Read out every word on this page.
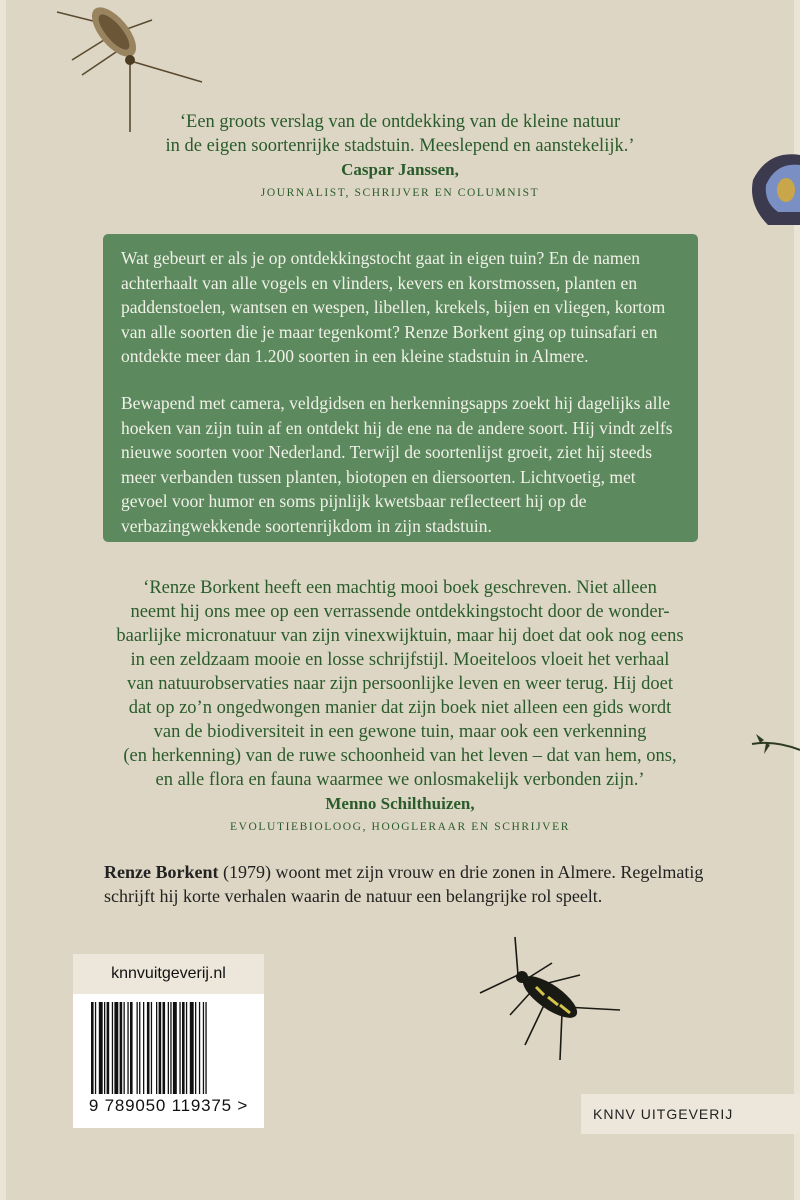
‘Een groots verslag van de ontdekking van de kleine natuur

in de eigen soortenrijke stadstuin. Meeslepend en aanstekelijk.’

Caspar Janssen,

JOURNALIST, SCHRIJVER EN COLUMNIST

Wat gebeurt er als je op ontdekkingstocht gaat in eigen tuin? En de namen achterhaalt van alle vogels en vlinders, kevers en korstmossen, planten en paddenstoelen, wantsen en wespen, libellen, krekels, bijen en vliegen, kortom van alle soorten die je maar tegenkomt? Renze Borkent ging op tuinsafari en ontdekte meer dan 1.200 soorten in een kleine stadstuin in Almere.

Bewapend met camera, veldgidsen en herkenningsapps zoekt hij dagelijks alle hoeken van zijn tuin af en ontdekt hij de ene na de andere soort. Hij vindt zelfs nieuwe soorten voor Nederland. Terwijl de soortenlijst groeit, ziet hij steeds meer verbanden tussen planten, biotopen en diersoorten. Lichtvoetig, met gevoel voor humor en soms pijnlijk kwetsbaar reflecteert hij op de verbazingwekkende soortenrijkdom in zijn stadstuin.

‘Renze Borkent heeft een machtig mooi boek geschreven. Niet alleen

neemt hij ons mee op een verrassende ontdekkingstocht door de wonder-

baarlijke micronatuur van zijn vinexwijktuin, maar hij doet dat ook nog eens

in een zeldzaam mooie en losse schrijfstijl. Moeiteloos vloeit het verhaal

van natuurobservaties naar zijn persoonlijke leven en weer terug. Hij doet

dat op zo’n ongedwongen manier dat zijn boek niet alleen een gids wordt

van de biodiversiteit in een gewone tuin, maar ook een verkenning

(en herkenning) van de ruwe schoonheid van het leven – dat van hem, ons,

en alle flora en fauna waarmee we onlosmakelijk verbonden zijn.’

Menno Schilthuizen,

EVOLUTIEBIOLOOG, HOOGLERAAR EN SCHRIJVER

Renze Borkent (1979) woont met zijn vrouw en drie zonen in Almere. Regelmatig schrijft hij korte verhalen waarin de natuur een belangrijke rol speelt.
knnvuitgeverij.nl
9 789050 119375 >	KNNV UITGEVERIJ
